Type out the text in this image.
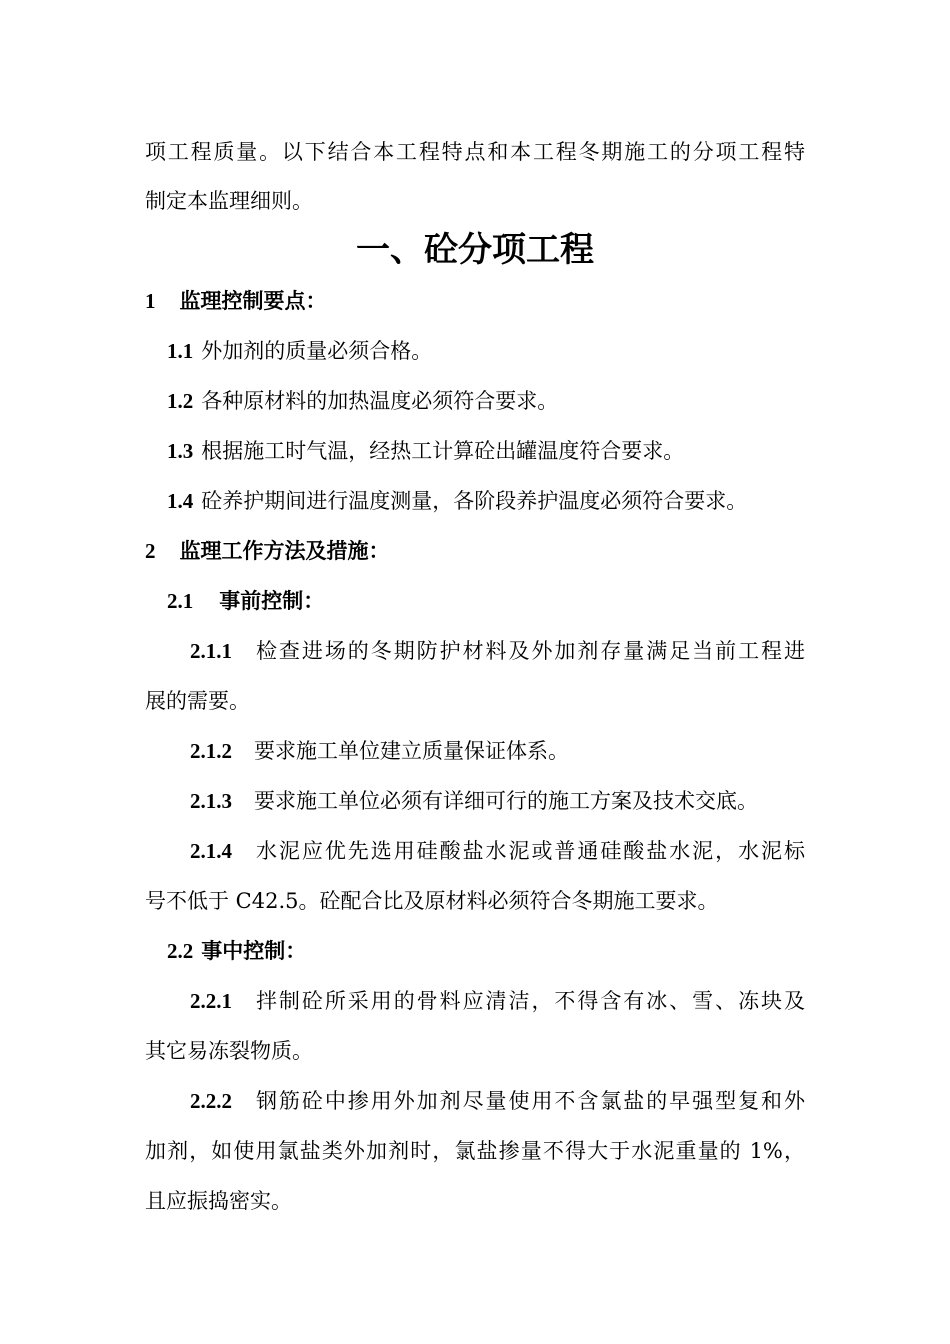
项工程质量。以下结合本工程特点和本工程冬期施工的分项工程特
制定本监理细则。
一、砼分项工程
1 监理控制要点：
1.1 外加剂的质量必须合格。
1.2 各种原材料的加热温度必须符合要求。
1.3 根据施工时气温，经热工计算砼出罐温度符合要求。
1.4 砼养护期间进行温度测量，各阶段养护温度必须符合要求。
2 监理工作方法及措施：
2.1 事前控制：
2.1.1 检查进场的冬期防护材料及外加剂存量满足当前工程进
展的需要。
2.1.2 要求施工单位建立质量保证体系。
2.1.3 要求施工单位必须有详细可行的施工方案及技术交底。
2.1.4 水泥应优先选用硅酸盐水泥或普通硅酸盐水泥，水泥标
号不低于 C42.5。砼配合比及原材料必须符合冬期施工要求。
2.2 事中控制：
2.2.1 拌制砼所采用的骨料应清洁，不得含有冰、雪、冻块及
其它易冻裂物质。
2.2.2 钢筋砼中掺用外加剂尽量使用不含氯盐的早强型复和外
加剂，如使用氯盐类外加剂时，氯盐掺量不得大于水泥重量的 1%，
且应振捣密实。
